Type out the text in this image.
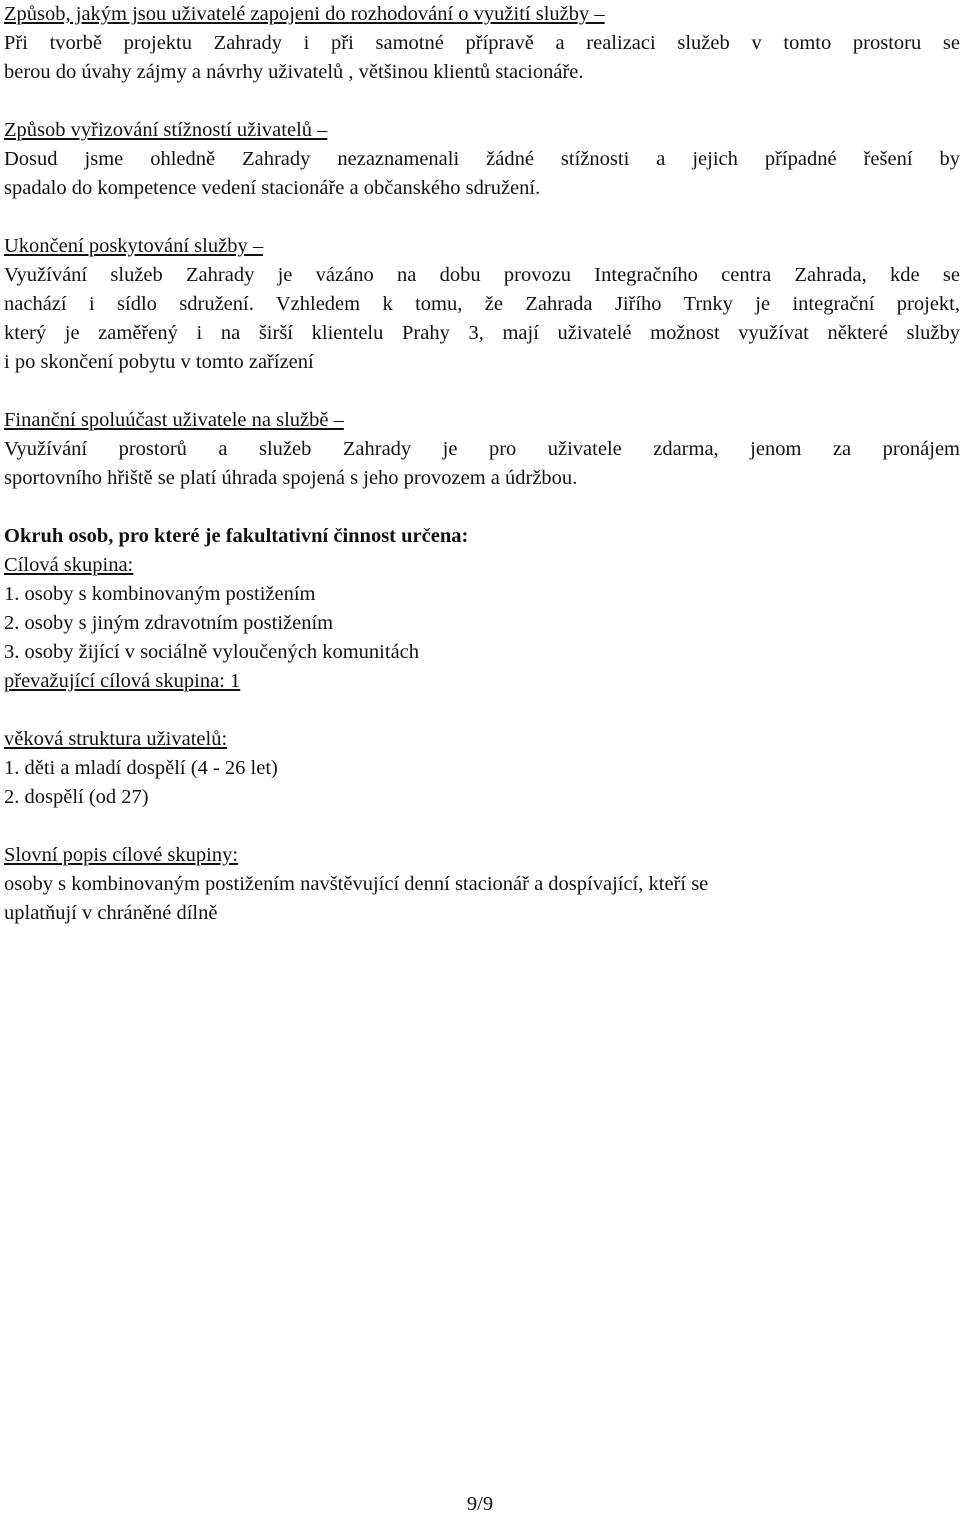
Způsob, jakým jsou uživatelé zapojeni do rozhodování o využití služby –

Při tvorbě projektu Zahrady i při samotné přípravě a realizaci služeb v tomto prostoru se

berou do úvahy zájmy a návrhy uživatelů , většinou klientů stacionáře.

Způsob vyřizování stížností uživatelů –

Dosud jsme ohledně Zahrady nezaznamenali žádné stížnosti a jejich případné řešení by

spadalo do kompetence vedení stacionáře a občanského sdružení.

Ukončení poskytování služby –

Využívání služeb Zahrady je vázáno na dobu provozu Integračního centra Zahrada, kde se

nachází i sídlo sdružení. Vzhledem k tomu, že Zahrada Jiřího Trnky je integrační projekt,

který je zaměřený i na širší klientelu Prahy 3, mají uživatelé možnost využívat některé služby

i po skončení pobytu v tomto zařízení

Finanční spoluúčast uživatele na službě –

Využívání prostorů a služeb Zahrady je pro uživatele zdarma, jenom za pronájem

sportovního hřiště se platí úhrada spojená s jeho provozem a údržbou.

Okruh osob, pro které je fakultativní činnost určena:

Cílová skupina:

1. osoby s kombinovaným postižením

2. osoby s jiným zdravotním postižením

3. osoby žijící v sociálně vyloučených komunitách

převažující cílová skupina: 1

věková struktura uživatelů:

1. děti a mladí dospělí (4 - 26 let)

2. dospělí (od 27)

Slovní popis cílové skupiny:

osoby s kombinovaným postižením navštěvující denní stacionář a dospívající, kteří se

uplatňují v chráněné dílně

9/9
